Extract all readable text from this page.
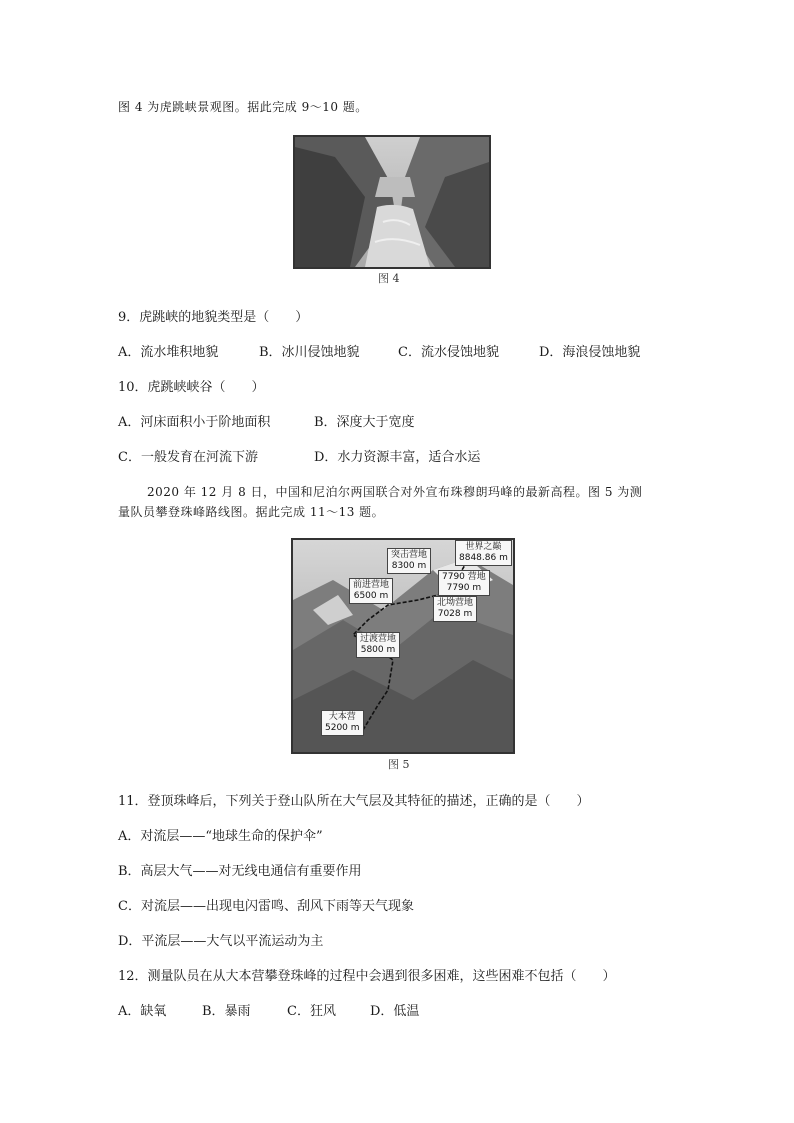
图 4 为虎跳峡景观图。据此完成 9～10 题。
图 4
9．虎跳峡的地貌类型是（　　）
A．流水堆积地貌	B．冰川侵蚀地貌	C．流水侵蚀地貌	D．海浪侵蚀地貌
10．虎跳峡峡谷（　　）
A．河床面积小于阶地面积	B．深度大于宽度
C．一般发育在河流下游	D．水力资源丰富，适合水运
2020 年 12 月 8 日，中国和尼泊尔两国联合对外宣布珠穆朗玛峰的最新高程。图 5 为测
量队员攀登珠峰路线图。据此完成 11～13 题。
突击营地
8300 m
世界之巅
8848.86 m
7790 营地
7790 m
前进营地
6500 m
北坳营地
7028 m
过渡营地
5800 m
大本营
5200 m
图 5
11．登顶珠峰后，下列关于登山队所在大气层及其特征的描述，正确的是（　　）
A．对流层——“地球生命的保护伞”
B．高层大气——对无线电通信有重要作用
C．对流层——出现电闪雷鸣、刮风下雨等天气现象
D．平流层——大气以平流运动为主
12．测量队员在从大本营攀登珠峰的过程中会遇到很多困难，这些困难不包括（　　）
A．缺氧	B．暴雨	C．狂风	D．低温
